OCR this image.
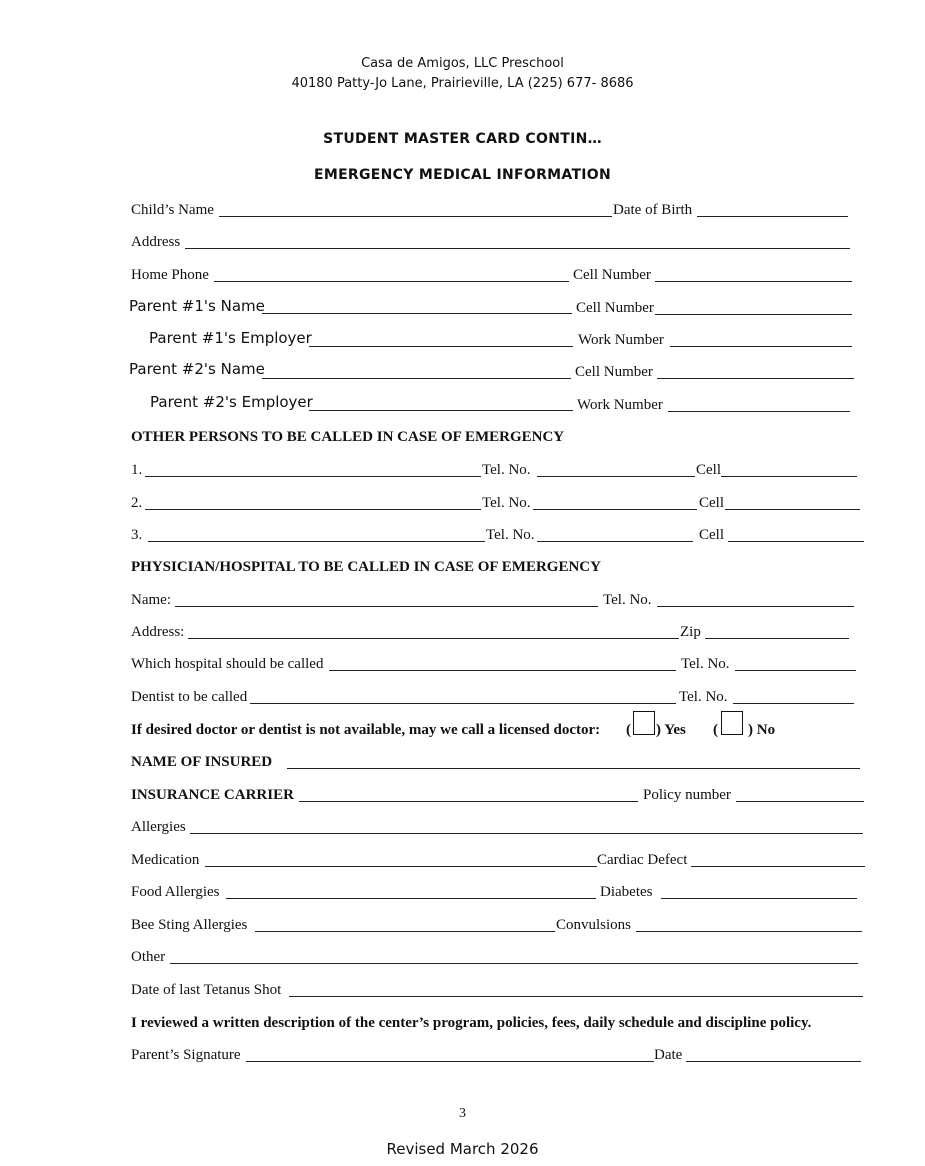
Casa de Amigos, LLC Preschool
40180 Patty-Jo Lane, Prairieville, LA (225) 677- 8686
STUDENT MASTER CARD CONTIN…
EMERGENCY MEDICAL INFORMATION
Child’s Name	Date of Birth
Address
Home Phone	Cell Number
Parent #1's Name	Cell Number
Parent #1's Employer	Work Number
Parent #2's Name	Cell Number
Parent #2's Employer	Work Number
OTHER PERSONS TO BE CALLED IN CASE OF EMERGENCY
1.	Tel. No.	Cell
2.	Tel. No.	Cell
3.	Tel. No.	Cell
PHYSICIAN/HOSPITAL TO BE CALLED IN CASE OF EMERGENCY
Name:	Tel. No.
Address:	Zip
Which hospital should be called	Tel. No.
Dentist to be called	Tel. No.
If desired doctor or dentist is not available, may we call a licensed doctor: ( ) Yes ( ) No
NAME OF INSURED
INSURANCE CARRIER	Policy number
Allergies
Medication	Cardiac Defect
Food Allergies	Diabetes
Bee Sting Allergies	Convulsions
Other
Date of last Tetanus Shot
I reviewed a written description of the center’s program, policies, fees, daily schedule and discipline policy.
Parent’s Signature	Date
3
Revised March 2026
